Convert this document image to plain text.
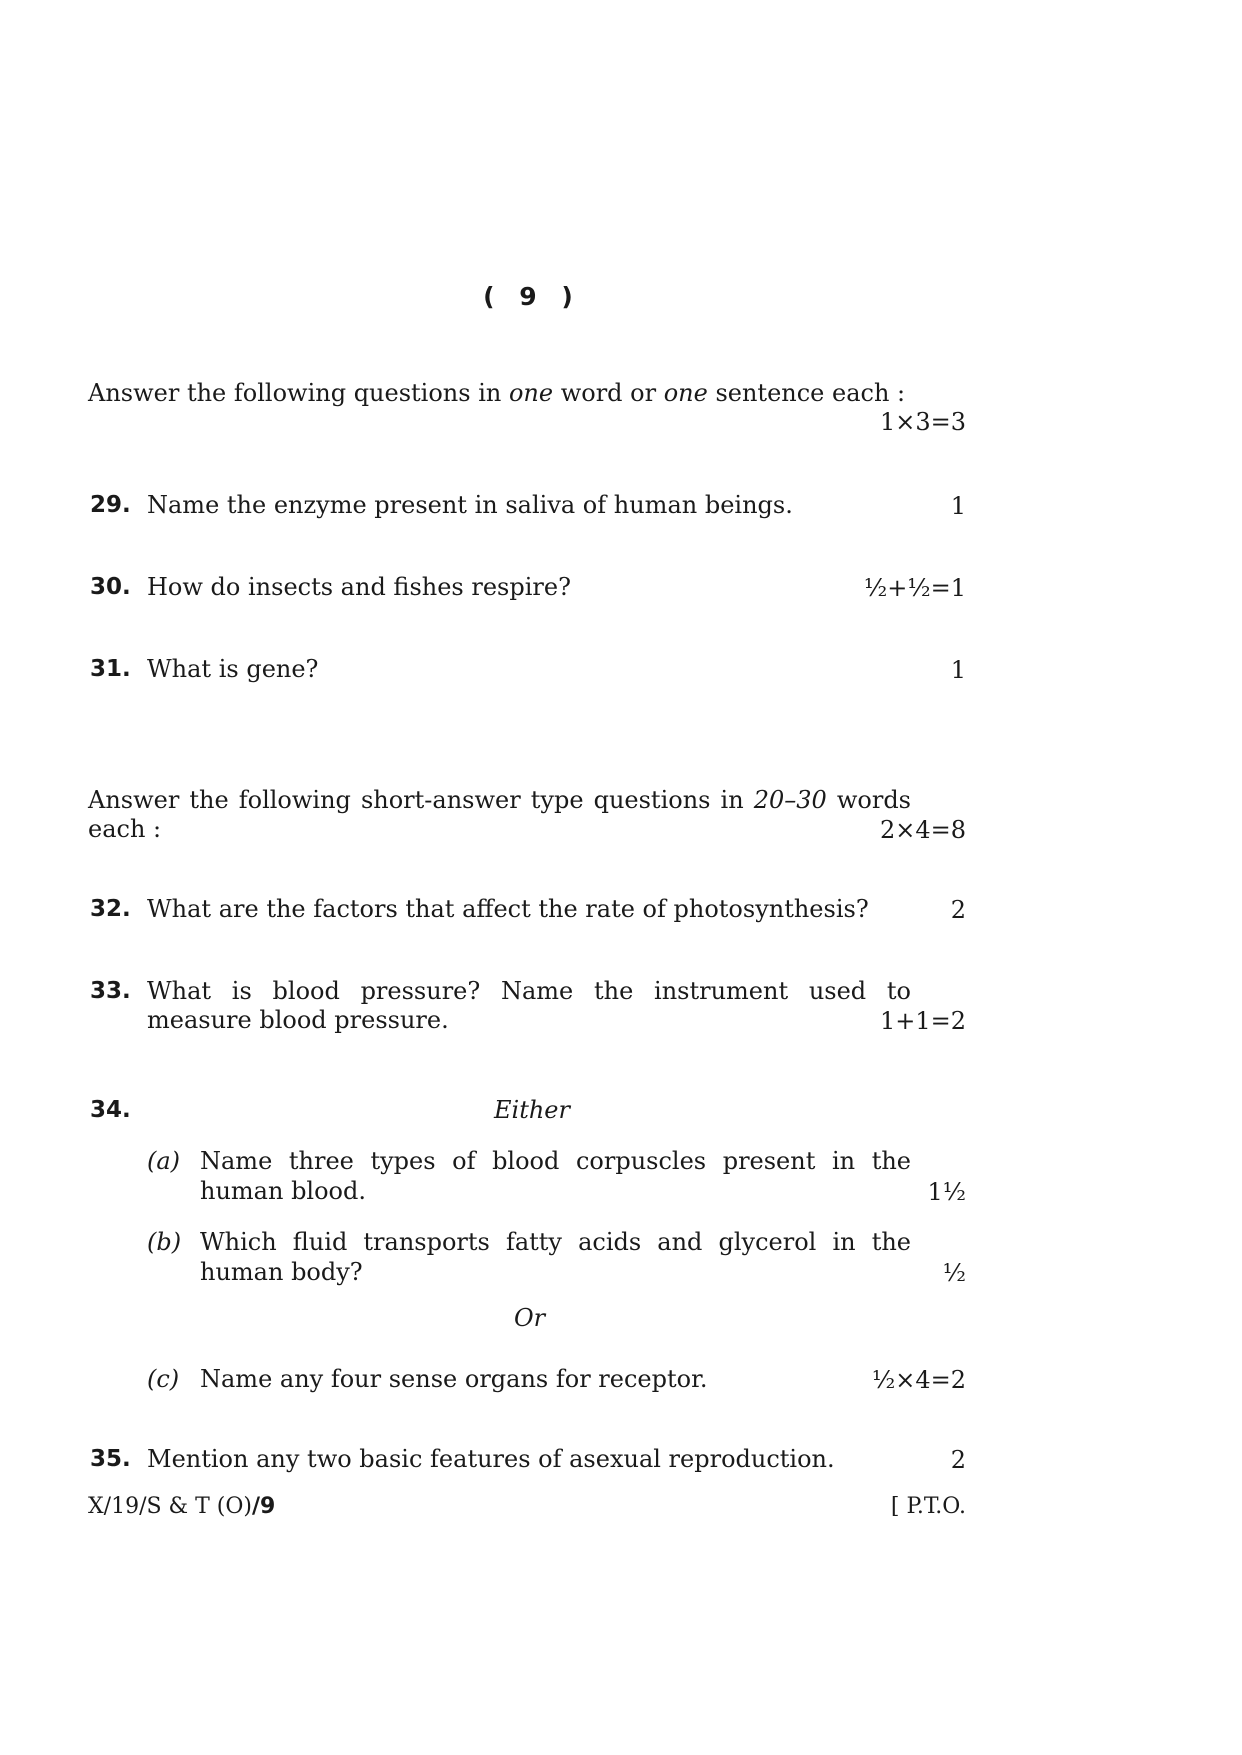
( 9 )
Answer the following questions in one word or one sentence each :
1×3=3
29. Name the enzyme present in saliva of human beings.	1
30. How do insects and fishes respire?	½+½=1
31. What is gene?	1
Answer the following short-answer type questions in 20–30 words
each :	2×4=8
32. What are the factors that affect the rate of photosynthesis?	2
33. What is blood pressure? Name the instrument used to
measure blood pressure.	1+1=2
34.	Either
(a) Name three types of blood corpuscles present in the
human blood.	1½
(b) Which fluid transports fatty acids and glycerol in the
human body?	½
Or
(c) Name any four sense organs for receptor.	½×4=2
35. Mention any two basic features of asexual reproduction.	2
X/19/S & T (O)/9	[ P.T.O.
